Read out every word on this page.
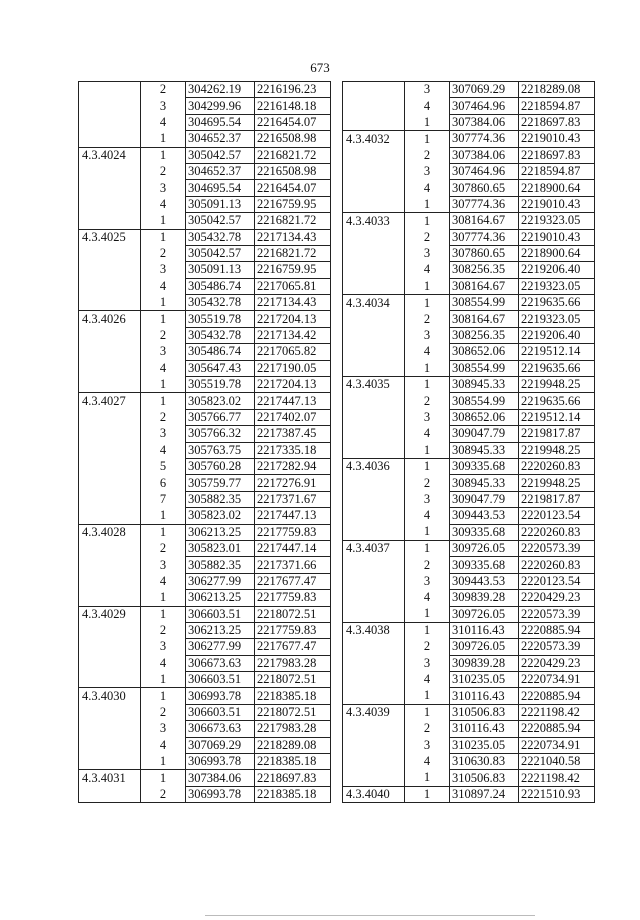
673
	2	304262.19	2216196.23
	3	304299.96	2216148.18
	4	304695.54	2216454.07
	1	304652.37	2216508.98
4.3.4024	1	305042.57	2216821.72
	2	304652.37	2216508.98
	3	304695.54	2216454.07
	4	305091.13	2216759.95
	1	305042.57	2216821.72
4.3.4025	1	305432.78	2217134.43
	2	305042.57	2216821.72
	3	305091.13	2216759.95
	4	305486.74	2217065.81
	1	305432.78	2217134.43
4.3.4026	1	305519.78	2217204.13
	2	305432.78	2217134.42
	3	305486.74	2217065.82
	4	305647.43	2217190.05
	1	305519.78	2217204.13
4.3.4027	1	305823.02	2217447.13
	2	305766.77	2217402.07
	3	305766.32	2217387.45
	4	305763.75	2217335.18
	5	305760.28	2217282.94
	6	305759.77	2217276.91
	7	305882.35	2217371.67
	1	305823.02	2217447.13
4.3.4028	1	306213.25	2217759.83
	2	305823.01	2217447.14
	3	305882.35	2217371.66
	4	306277.99	2217677.47
	1	306213.25	2217759.83
4.3.4029	1	306603.51	2218072.51
	2	306213.25	2217759.83
	3	306277.99	2217677.47
	4	306673.63	2217983.28
	1	306603.51	2218072.51
4.3.4030	1	306993.78	2218385.18
	2	306603.51	2218072.51
	3	306673.63	2217983.28
	4	307069.29	2218289.08
	1	306993.78	2218385.18
4.3.4031	1	307384.06	2218697.83
	2	306993.78	2218385.18
	3	307069.29	2218289.08
	4	307464.96	2218594.87
	1	307384.06	2218697.83
4.3.4032	1	307774.36	2219010.43
	2	307384.06	2218697.83
	3	307464.96	2218594.87
	4	307860.65	2218900.64
	1	307774.36	2219010.43
4.3.4033	1	308164.67	2219323.05
	2	307774.36	2219010.43
	3	307860.65	2218900.64
	4	308256.35	2219206.40
	1	308164.67	2219323.05
4.3.4034	1	308554.99	2219635.66
	2	308164.67	2219323.05
	3	308256.35	2219206.40
	4	308652.06	2219512.14
	1	308554.99	2219635.66
4.3.4035	1	308945.33	2219948.25
	2	308554.99	2219635.66
	3	308652.06	2219512.14
	4	309047.79	2219817.87
	1	308945.33	2219948.25
4.3.4036	1	309335.68	2220260.83
	2	308945.33	2219948.25
	3	309047.79	2219817.87
	4	309443.53	2220123.54
	1	309335.68	2220260.83
4.3.4037	1	309726.05	2220573.39
	2	309335.68	2220260.83
	3	309443.53	2220123.54
	4	309839.28	2220429.23
	1	309726.05	2220573.39
4.3.4038	1	310116.43	2220885.94
	2	309726.05	2220573.39
	3	309839.28	2220429.23
	4	310235.05	2220734.91
	1	310116.43	2220885.94
4.3.4039	1	310506.83	2221198.42
	2	310116.43	2220885.94
	3	310235.05	2220734.91
	4	310630.83	2221040.58
	1	310506.83	2221198.42
4.3.4040	1	310897.24	2221510.93
